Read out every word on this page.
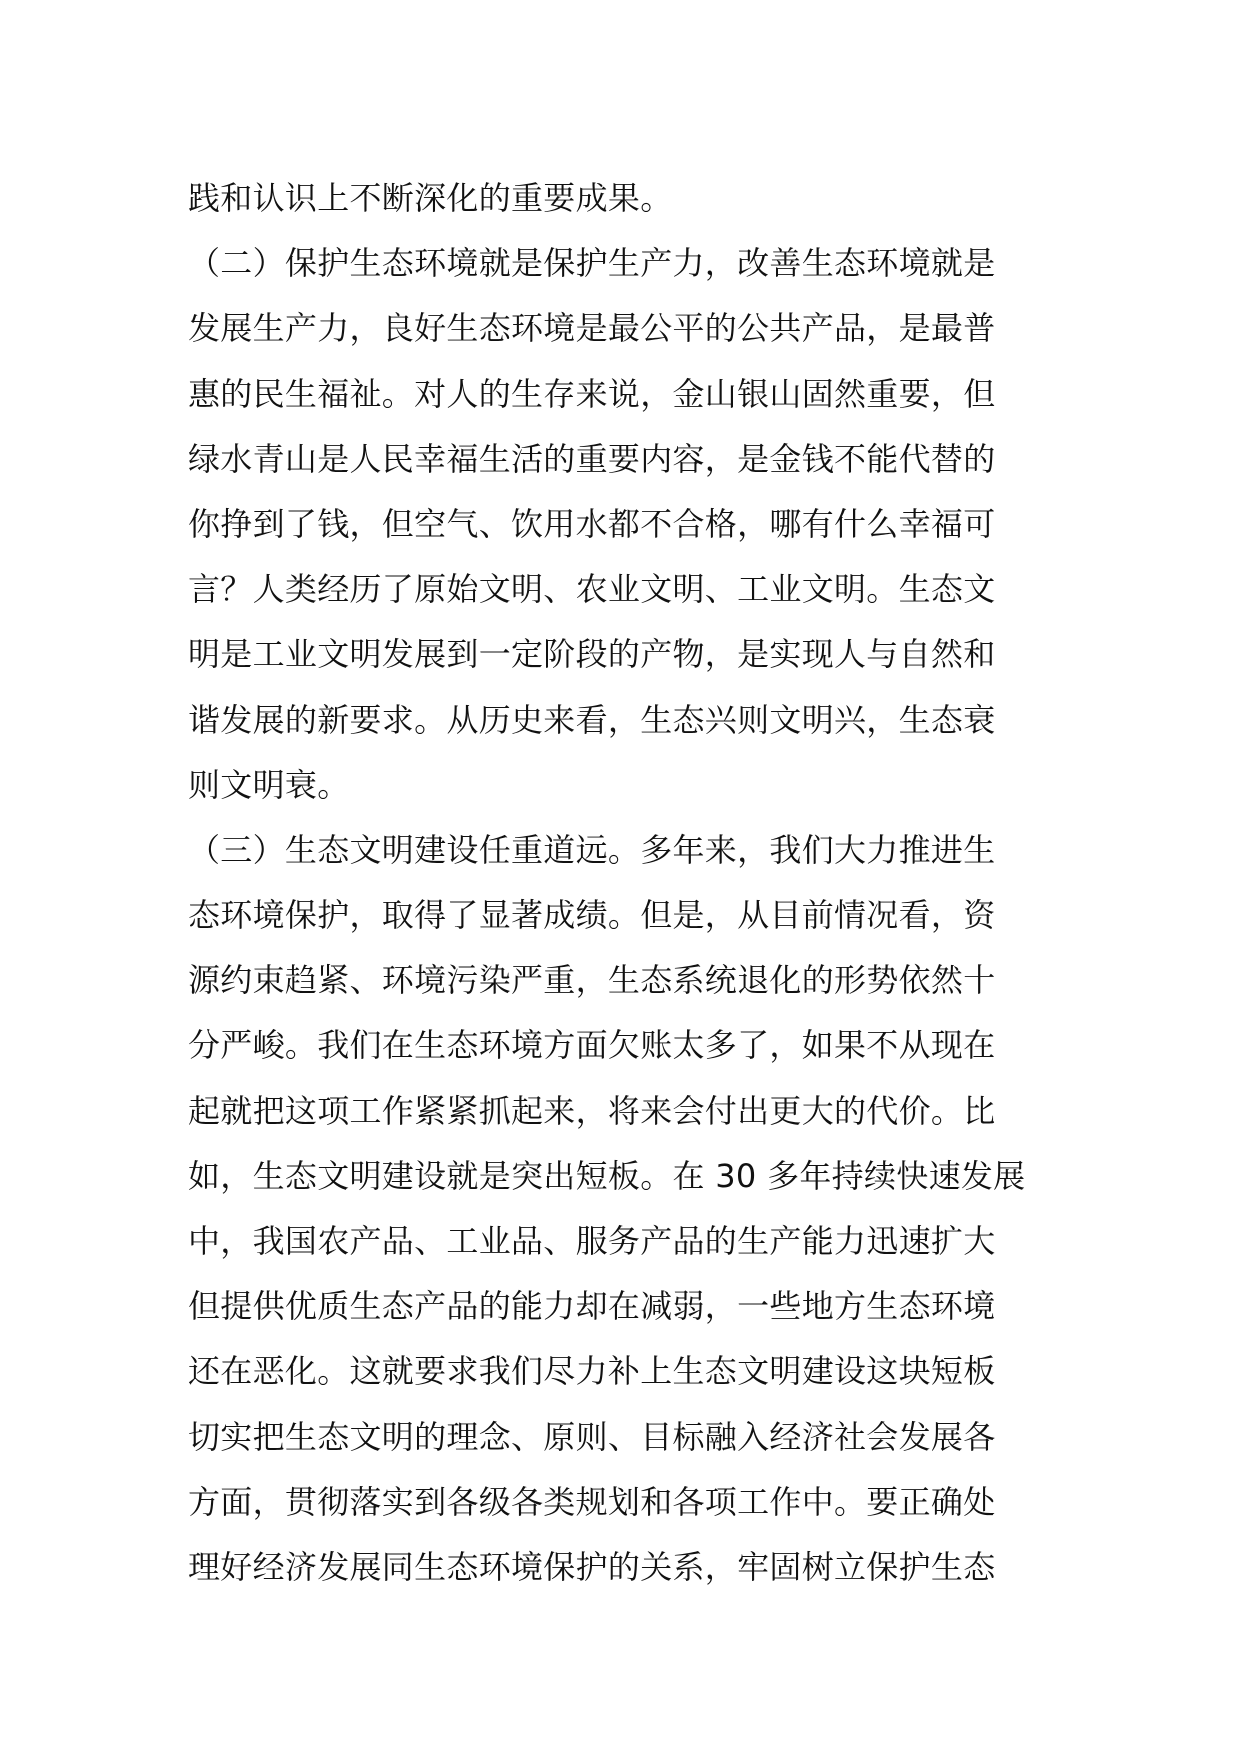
践和认识上不断深化的重要成果。
（二）保护生态环境就是保护生产力，改善生态环境就是
发展生产力，良好生态环境是最公平的公共产品，是最普
惠的民生福祉。对人的生存来说，金山银山固然重要，但
绿水青山是人民幸福生活的重要内容，是金钱不能代替的
你挣到了钱，但空气、饮用水都不合格，哪有什么幸福可
言？人类经历了原始文明、农业文明、工业文明。生态文
明是工业文明发展到一定阶段的产物，是实现人与自然和
谐发展的新要求。从历史来看，生态兴则文明兴，生态衰
则文明衰。
（三）生态文明建设任重道远。多年来，我们大力推进生
态环境保护，取得了显著成绩。但是，从目前情况看，资
源约束趋紧、环境污染严重，生态系统退化的形势依然十
分严峻。我们在生态环境方面欠账太多了，如果不从现在
起就把这项工作紧紧抓起来，将来会付出更大的代价。比
如，生态文明建设就是突出短板。在 30 多年持续快速发展
中，我国农产品、工业品、服务产品的生产能力迅速扩大
但提供优质生态产品的能力却在减弱，一些地方生态环境
还在恶化。这就要求我们尽力补上生态文明建设这块短板
切实把生态文明的理念、原则、目标融入经济社会发展各
方面，贯彻落实到各级各类规划和各项工作中。要正确处
理好经济发展同生态环境保护的关系，牢固树立保护生态
